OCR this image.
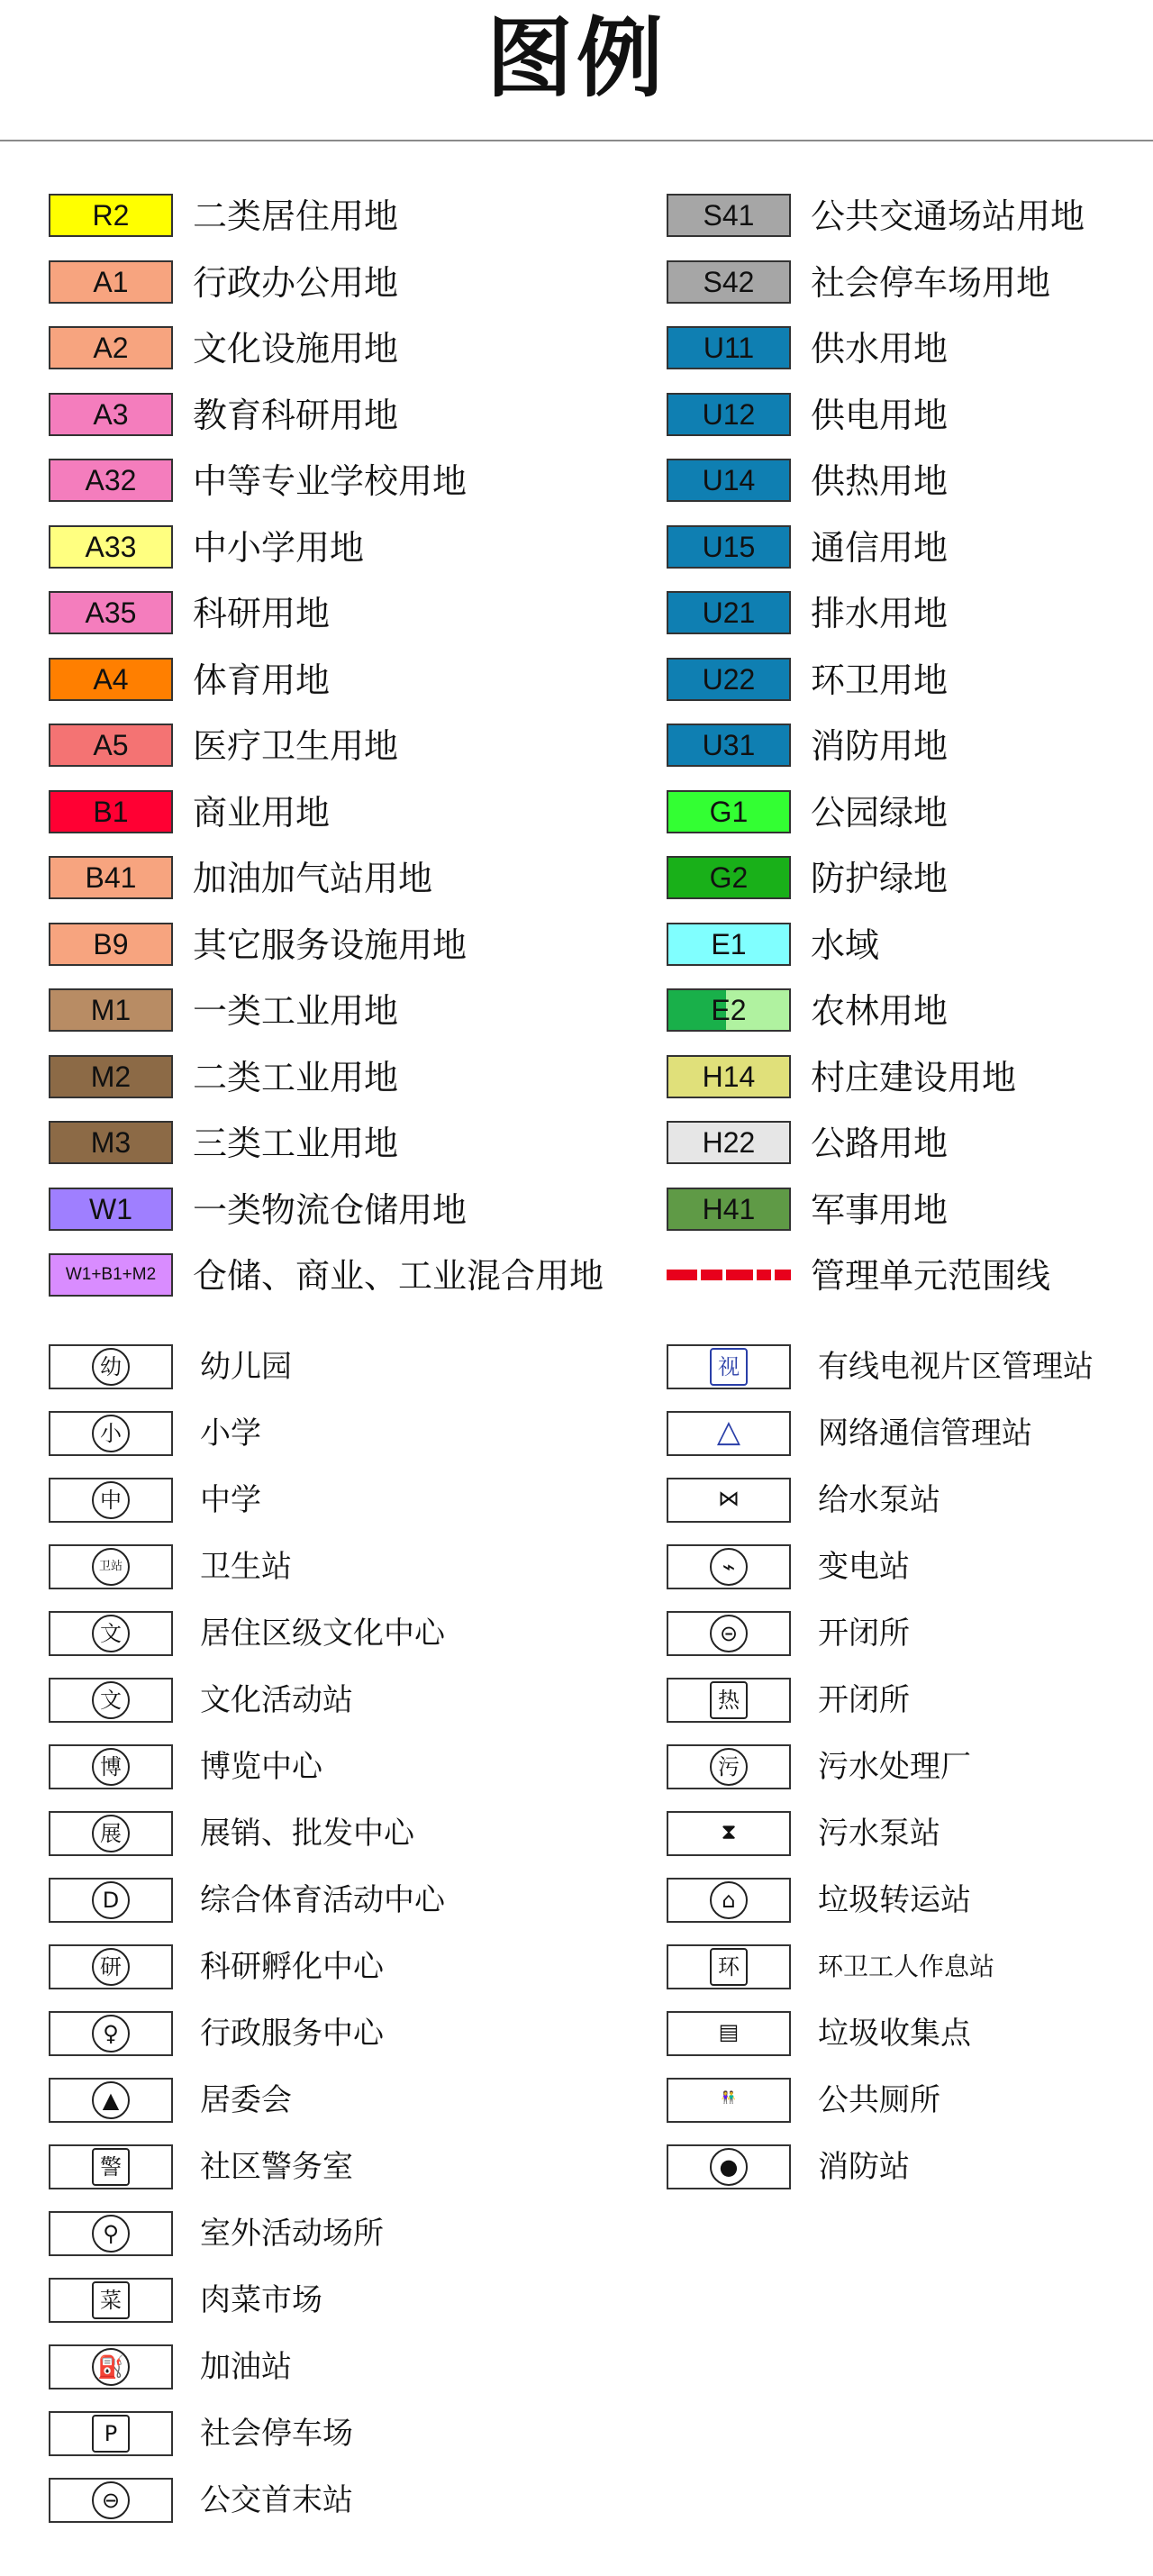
图例
R2	二类居住用地
A1	行政办公用地
A2	文化设施用地
A3	教育科研用地
A32	中等专业学校用地
A33	中小学用地
A35	科研用地
A4	体育用地
A5	医疗卫生用地
B1	商业用地
B41	加油加气站用地
B9	其它服务设施用地
M1	一类工业用地
M2	二类工业用地
M3	三类工业用地
W1	一类物流仓储用地
W1+B1+M2	仓储、商业、工业混合用地
S41	公共交通场站用地
S42	社会停车场用地
U11	供水用地
U12	供电用地
U14	供热用地
U15	通信用地
U21	排水用地
U22	环卫用地
U31	消防用地
G1	公园绿地
G2	防护绿地
E1	水域
E2	农林用地
H14	村庄建设用地
H22	公路用地
H41	军事用地
管理单元范围线
幼	幼儿园
小	小学
中	中学
卫站	卫生站
文	居住区级文化中心
文	文化活动站
博	博览中心
展	展销、批发中心
D	综合体育活动中心
研	科研孵化中心
♀	行政服务中心
▲	居委会
警	社区警务室
⚲	室外活动场所
菜	肉菜市场
⛽ 加油站
P	社会停车场
⊖	公交首末站
视	有线电视片区管理站
△	网络通信管理站
⋈	给水泵站
⌁	变电站
⊝	开闭所
热	开闭所
污	污水处理厂
⧗	污水泵站
⌂	垃圾转运站
环	环卫工人作息站
▤	垃圾收集点
👫	公共厕所
●	消防站
